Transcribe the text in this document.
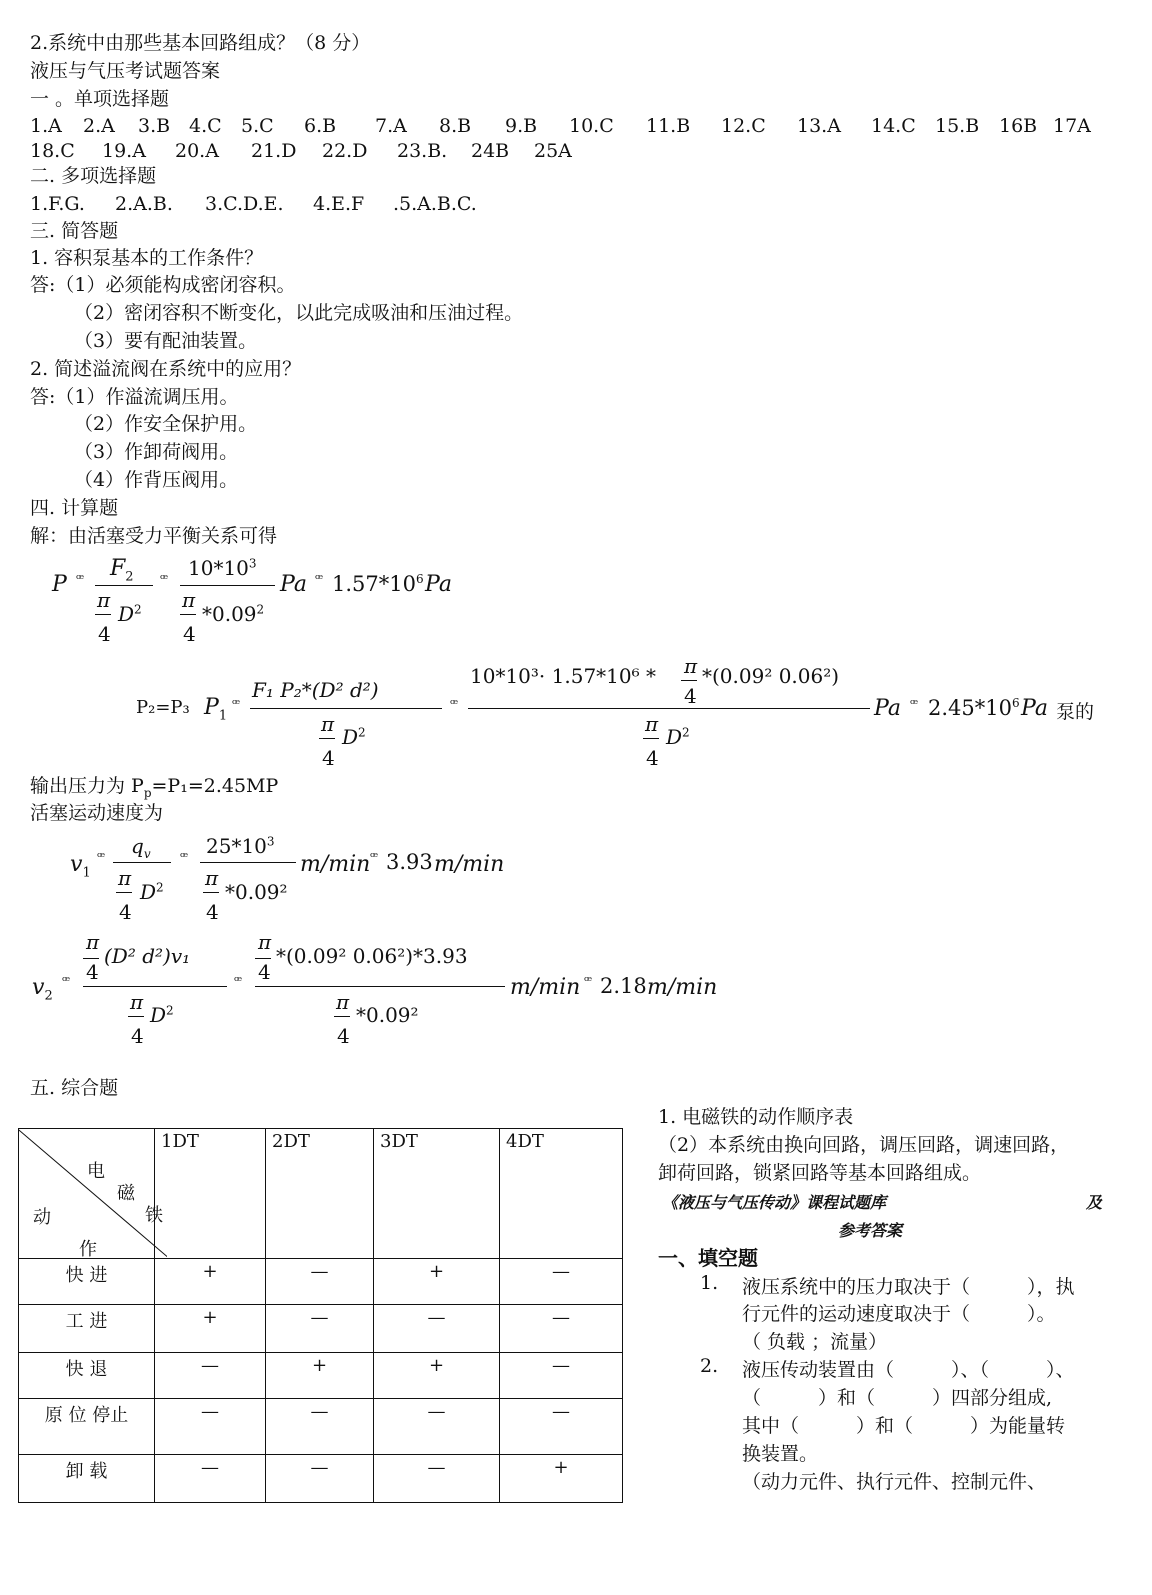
2.系统中由那些基本回路组成？（8 分）
液压与气压考试题答案
一 。单项选择题
1.A 2.A 3.B 4.C 5.C 6.B 7.A 8.B 9.B 10.C 11.B 12.C 13.A 14.C 15.B 16B 17A
18.C 19.A 20.A 21.D 22.D 23.B. 24B 25A
二. 多项选择题
1.F.G. 2.A.B. 3.C.D.E. 4.E.F .5.A.B.C.
三. 简答题
1. 容积泵基本的工作条件？
答:（1）必须能构成密闭容积。
（2）密闭容积不断变化，以此完成吸油和压油过程。
（3）要有配油装置。
2. 简述溢流阀在系统中的应用？
答:（1）作溢流调压用。
（2）作安全保护用。
（3）作卸荷阀用。
（4）作背压阀用。
四. 计算题
解：由活塞受力平衡关系可得
P ꟹ $F_2$
π
4
$D^2$
ꟹ $10*10^3$
π
4
*0.09$^2$
Pa ꟹ $1.57*10^6$ Pa
P₂=P₃ $P_1$
ꟹ
F₁ P₂*(D² d²)
π
4
$D^2$
ꟹ
10*10³· 1.57*10⁶ * π
4
*(0.09² 0.06²)
π
4
$D^2$
Pa ꟹ $2.45*10^6$ Pa 泵的
输出压力为 $P_p=P_1=2.45MP$
活塞运动速度为
$v_1$
ꟹ $q_v$
π
4
$D^2$
ꟹ $25*10^3$
π
4
*0.09²
m/min ꟹ 3.93 m/min
$v_2$
ꟹ
π
4
(D² d²)v₁
π
4
$D^2$
ꟹ
π
4
*(0.09² 0.06²)*3.93
π
4
*0.09²
m/min ꟹ 2.18 m/min
五. 综合题
电
磁
铁
动
作	1DT	2DT	3DT	4DT
快 进	+	—	+	—
工 进	+	—	—	—
快 退	—	+	+	—
原 位 停止	—	—	—	—
卸 载	—	—	—	+
1. 电磁铁的动作顺序表
（2）本系统由换向回路，调压回路，调速回路，
卸荷回路，锁紧回路等基本回路组成。
《液压与气压传动》课程试题库	及
参考答案
一、填空题
1. 液压系统中的压力取决于（　　　），执
行元件的运动速度取决于（　　　）。
（ 负载 ；流量）
2. 液压传动装置由（　　　）、（　　　）、
（　　　）和（　　　）四部分组成,
其中（　　　）和（　　　）为能量转
换装置。
（动力元件、执行元件、控制元件、
